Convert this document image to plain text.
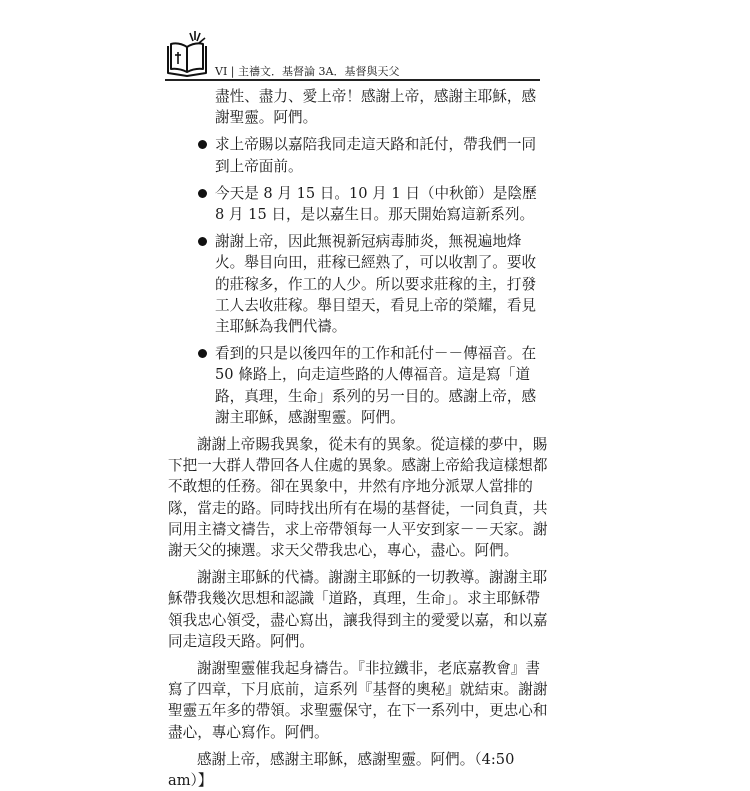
VI | 主禱文．基督論 3A．基督與天父

盡性、盡力、愛上帝！感謝上帝，感謝主耶穌，感謝聖靈。阿們。

求上帝賜以嘉陪我同走這天路和託付，帶我們一同到上帝面前。
今天是 8 月 15 日。10 月 1 日（中秋節）是陰歷 8 月 15 日，是以嘉生日。那天開始寫這新系列。
謝謝上帝，因此無視新冠病毒肺炎，無視遍地烽火。舉目向田，莊稼已經熟了，可以收割了。要收的莊稼多，作工的人少。所以要求莊稼的主，打發工人去收莊稼。舉目望天，看見上帝的榮耀，看見主耶穌為我們代禱。
看到的只是以後四年的工作和託付－－傳福音。在 50 條路上，向走這些路的人傳福音。這是寫「道路，真理，生命」系列的另一目的。感謝上帝，感謝主耶穌，感謝聖靈。阿們。

謝謝上帝賜我異象，從未有的異象。從這樣的夢中，賜下把一大群人帶回各人住處的異象。感謝上帝給我這樣想都不敢想的任務。卻在異象中，井然有序地分派眾人當排的隊，當走的路。同時找出所有在場的基督徒，一同負責，共同用主禱文禱告，求上帝帶領每一人平安到家－－天家。謝謝天父的揀選。求天父帶我忠心，專心，盡心。阿們。

謝謝主耶穌的代禱。謝謝主耶穌的一切教導。謝謝主耶穌帶我幾次思想和認識「道路，真理，生命」。求主耶穌帶領我忠心領受，盡心寫出，讓我得到主的愛愛以嘉，和以嘉同走這段天路。阿們。

謝謝聖靈催我起身禱告。『非拉鐵非，老底嘉教會』書寫了四章，下月底前，這系列『基督的奧秘』就結束。謝謝聖靈五年多的帶領。求聖靈保守，在下一系列中，更忠心和盡心，專心寫作。阿們。

感謝上帝，感謝主耶穌，感謝聖靈。阿們。（4:50 am）】
